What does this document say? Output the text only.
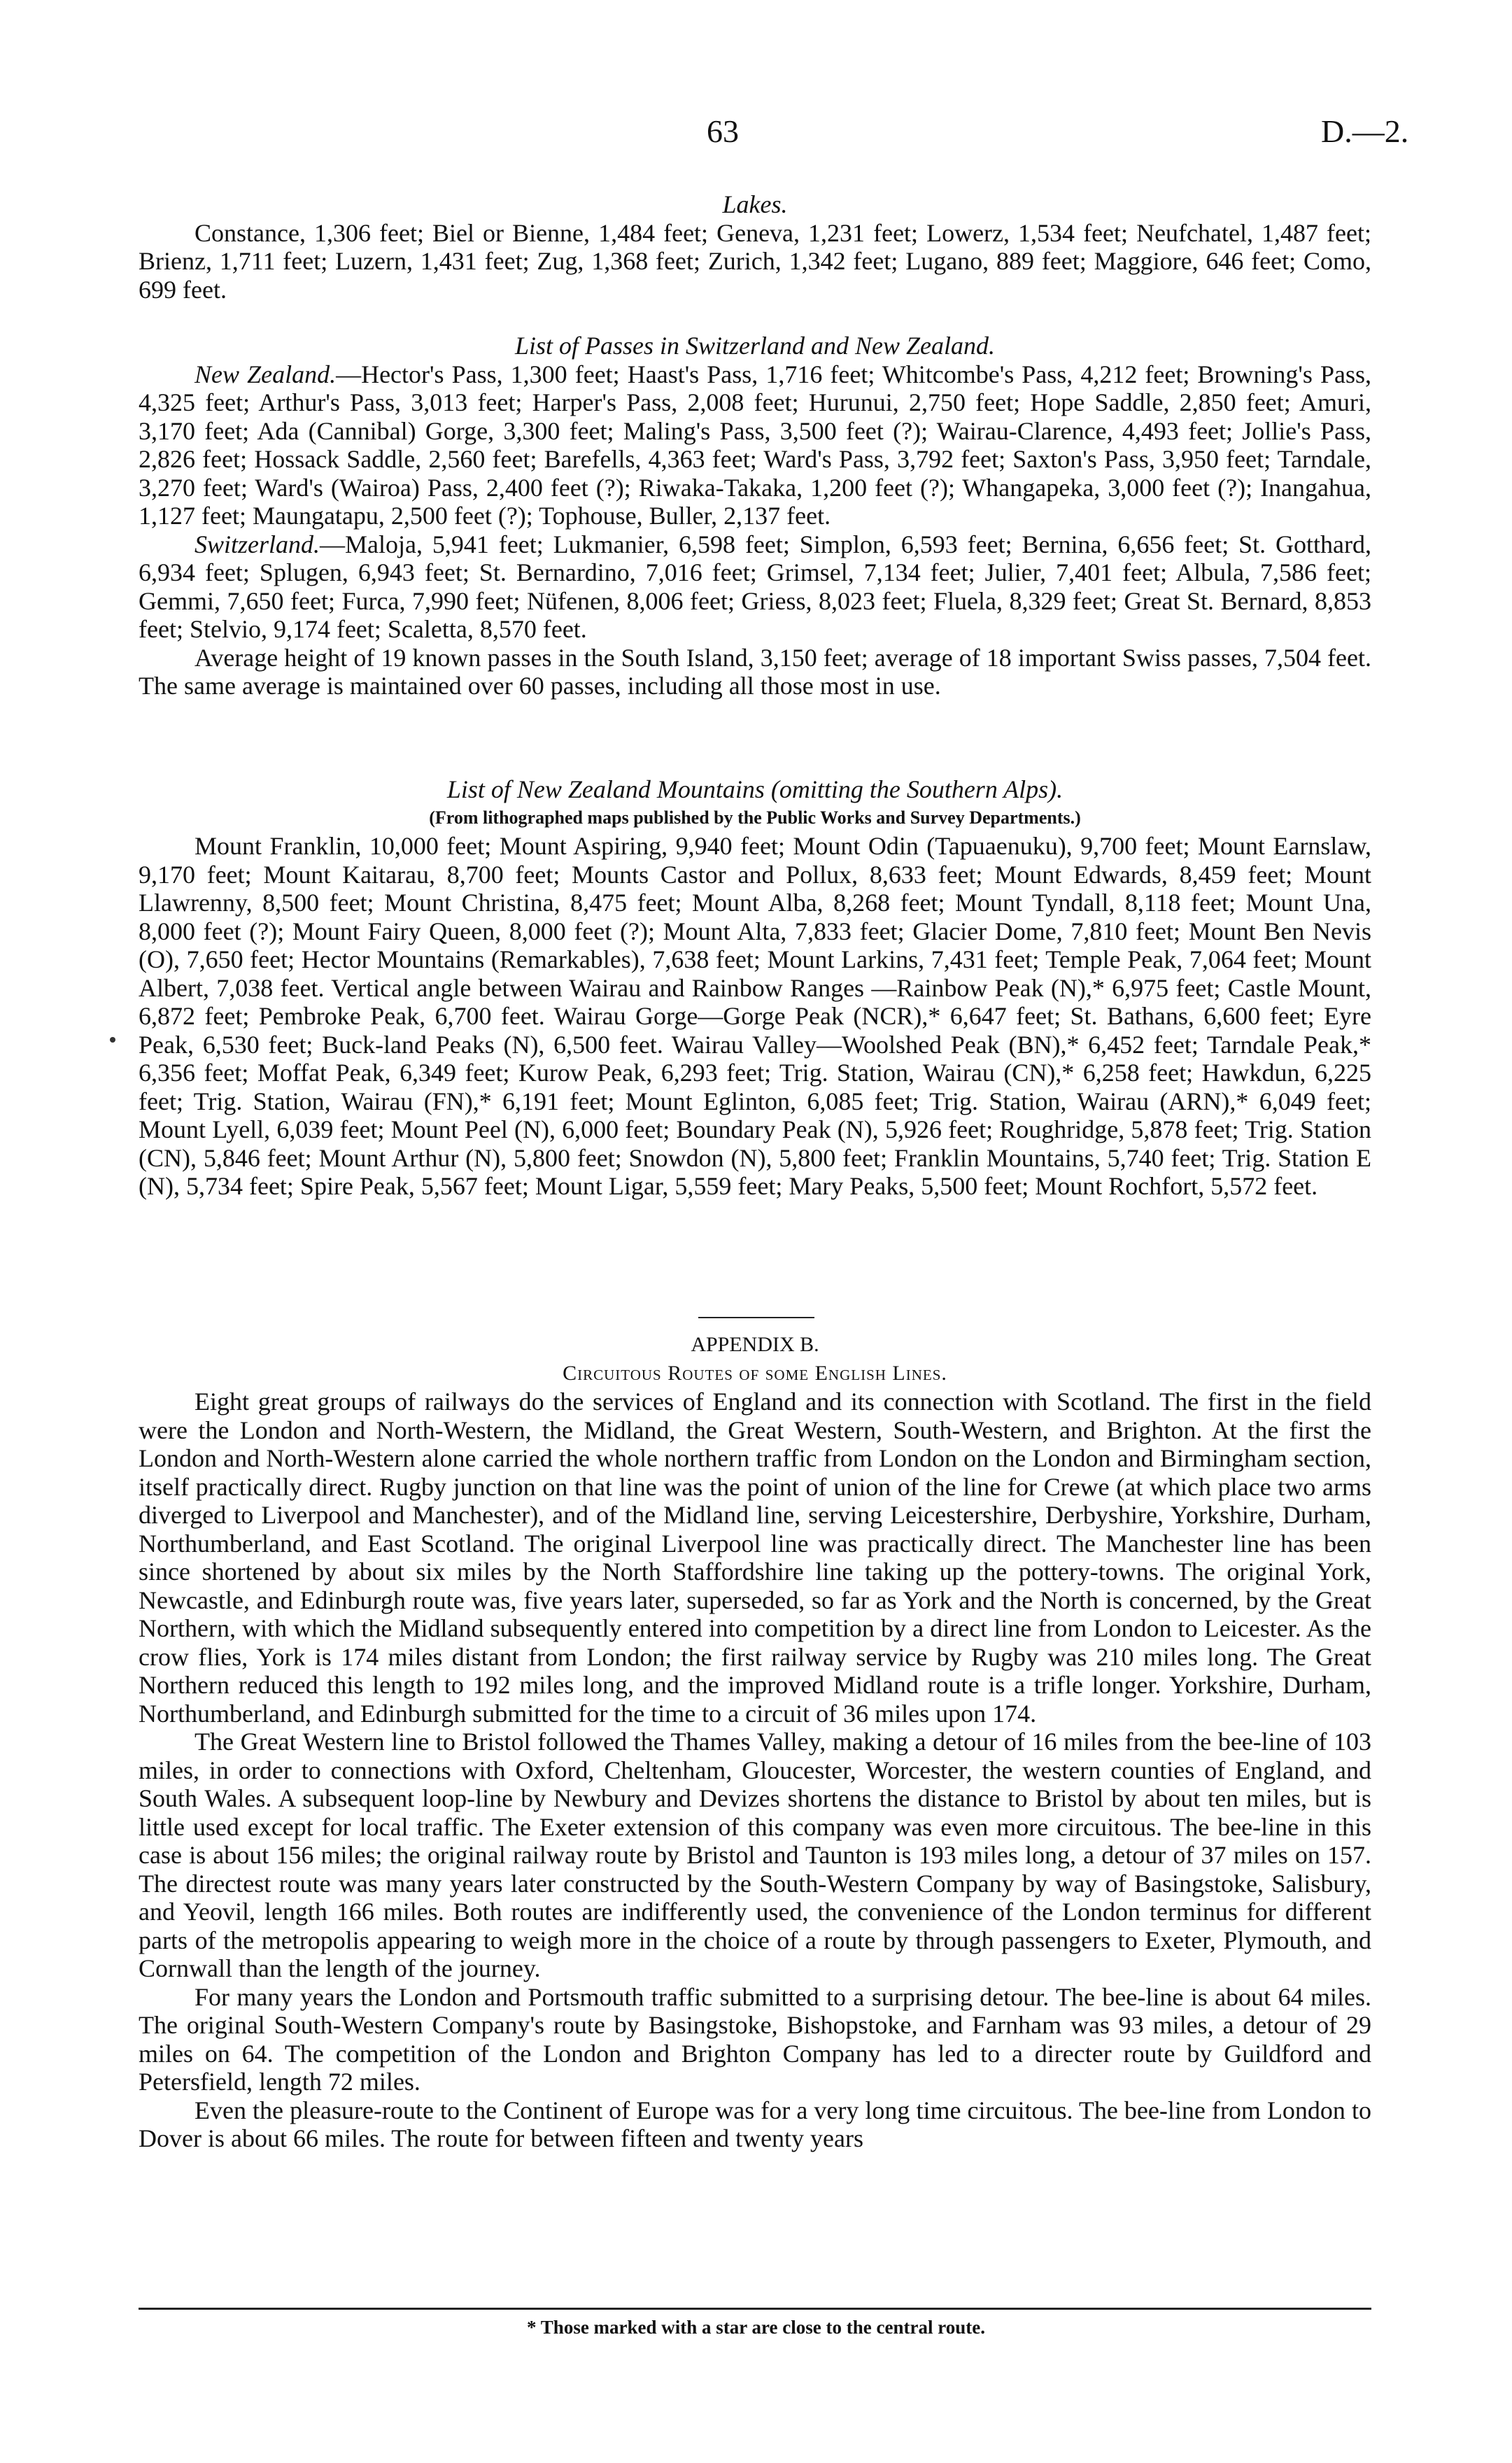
63	D.—2.
Lakes.

Constance, 1,306 feet; Biel or Bienne, 1,484 feet; Geneva, 1,231 feet; Lowerz, 1,534 feet; Neufchatel, 1,487 feet; Brienz, 1,711 feet; Luzern, 1,431 feet; Zug, 1,368 feet; Zurich, 1,342 feet; Lugano, 889 feet; Maggiore, 646 feet; Como, 699 feet.

List of Passes in Switzerland and New Zealand.

New Zealand.—Hector's Pass, 1,300 feet; Haast's Pass, 1,716 feet; Whitcombe's Pass, 4,212 feet; Browning's Pass, 4,325 feet; Arthur's Pass, 3,013 feet; Harper's Pass, 2,008 feet; Hurunui, 2,750 feet; Hope Saddle, 2,850 feet; Amuri, 3,170 feet; Ada (Cannibal) Gorge, 3,300 feet; Maling's Pass, 3,500 feet (?); Wairau-Clarence, 4,493 feet; Jollie's Pass, 2,826 feet; Hossack Saddle, 2,560 feet; Barefells, 4,363 feet; Ward's Pass, 3,792 feet; Saxton's Pass, 3,950 feet; Tarndale, 3,270 feet; Ward's (Wairoa) Pass, 2,400 feet (?); Riwaka-Takaka, 1,200 feet (?); Whangapeka, 3,000 feet (?); Inangahua, 1,127 feet; Maungatapu, 2,500 feet (?); Tophouse, Buller, 2,137 feet.

Switzerland.—Maloja, 5,941 feet; Lukmanier, 6,598 feet; Simplon, 6,593 feet; Bernina, 6,656 feet; St. Gotthard, 6,934 feet; Splugen, 6,943 feet; St. Bernardino, 7,016 feet; Grimsel, 7,134 feet; Julier, 7,401 feet; Albula, 7,586 feet; Gemmi, 7,650 feet; Furca, 7,990 feet; Nüfenen, 8,006 feet; Griess, 8,023 feet; Fluela, 8,329 feet; Great St. Bernard, 8,853 feet; Stelvio, 9,174 feet; Scaletta, 8,570 feet.

Average height of 19 known passes in the South Island, 3,150 feet; average of 18 important Swiss passes, 7,504 feet. The same average is maintained over 60 passes, including all those most in use.

List of New Zealand Mountains (omitting the Southern Alps).
(From lithographed maps published by the Public Works and Survey Departments.)

Mount Franklin, 10,000 feet; Mount Aspiring, 9,940 feet; Mount Odin (Tapuaenuku), 9,700 feet; Mount Earnslaw, 9,170 feet; Mount Kaitarau, 8,700 feet; Mounts Castor and Pollux, 8,633 feet; Mount Edwards, 8,459 feet; Mount Llawrenny, 8,500 feet; Mount Christina, 8,475 feet; Mount Alba, 8,268 feet; Mount Tyndall, 8,118 feet; Mount Una, 8,000 feet (?); Mount Fairy Queen, 8,000 feet (?); Mount Alta, 7,833 feet; Glacier Dome, 7,810 feet; Mount Ben Nevis (O), 7,650 feet; Hector Mountains (Remarkables), 7,638 feet; Mount Larkins, 7,431 feet; Temple Peak, 7,064 feet; Mount Albert, 7,038 feet. Vertical angle between Wairau and Rainbow Ranges —Rainbow Peak (N),* 6,975 feet; Castle Mount, 6,872 feet; Pembroke Peak, 6,700 feet. Wairau Gorge—Gorge Peak (NCR),* 6,647 feet; St. Bathans, 6,600 feet; Eyre Peak, 6,530 feet; Buck-land Peaks (N), 6,500 feet. Wairau Valley—Woolshed Peak (BN),* 6,452 feet; Tarndale Peak,* 6,356 feet; Moffat Peak, 6,349 feet; Kurow Peak, 6,293 feet; Trig. Station, Wairau (CN),* 6,258 feet; Hawkdun, 6,225 feet; Trig. Station, Wairau (FN),* 6,191 feet; Mount Eglinton, 6,085 feet; Trig. Station, Wairau (ARN),* 6,049 feet; Mount Lyell, 6,039 feet; Mount Peel (N), 6,000 feet; Boundary Peak (N), 5,926 feet; Roughridge, 5,878 feet; Trig. Station (CN), 5,846 feet; Mount Arthur (N), 5,800 feet; Snowdon (N), 5,800 feet; Franklin Mountains, 5,740 feet; Trig. Station E (N), 5,734 feet; Spire Peak, 5,567 feet; Mount Ligar, 5,559 feet; Mary Peaks, 5,500 feet; Mount Rochfort, 5,572 feet.

APPENDIX B.
Circuitous Routes of some English Lines.

Eight great groups of railways do the services of England and its connection with Scotland. The first in the field were the London and North-Western, the Midland, the Great Western, South-Western, and Brighton. At the first the London and North-Western alone carried the whole northern traffic from London on the London and Birmingham section, itself practically direct. Rugby junction on that line was the point of union of the line for Crewe (at which place two arms diverged to Liverpool and Manchester), and of the Midland line, serving Leicestershire, Derbyshire, Yorkshire, Durham, Northumberland, and East Scotland. The original Liverpool line was practically direct. The Manchester line has been since shortened by about six miles by the North Staffordshire line taking up the pottery-towns. The original York, Newcastle, and Edinburgh route was, five years later, superseded, so far as York and the North is concerned, by the Great Northern, with which the Midland subsequently entered into competition by a direct line from London to Leicester. As the crow flies, York is 174 miles distant from London; the first railway service by Rugby was 210 miles long. The Great Northern reduced this length to 192 miles long, and the improved Midland route is a trifle longer. Yorkshire, Durham, Northumberland, and Edinburgh submitted for the time to a circuit of 36 miles upon 174.

The Great Western line to Bristol followed the Thames Valley, making a detour of 16 miles from the bee-line of 103 miles, in order to connections with Oxford, Cheltenham, Gloucester, Worcester, the western counties of England, and South Wales. A subsequent loop-line by Newbury and Devizes shortens the distance to Bristol by about ten miles, but is little used except for local traffic. The Exeter extension of this company was even more circuitous. The bee-line in this case is about 156 miles; the original railway route by Bristol and Taunton is 193 miles long, a detour of 37 miles on 157. The directest route was many years later constructed by the South-Western Company by way of Basingstoke, Salisbury, and Yeovil, length 166 miles. Both routes are indifferently used, the convenience of the London terminus for different parts of the metropolis appearing to weigh more in the choice of a route by through passengers to Exeter, Plymouth, and Cornwall than the length of the journey.

For many years the London and Portsmouth traffic submitted to a surprising detour. The bee-line is about 64 miles. The original South-Western Company's route by Basingstoke, Bishopstoke, and Farnham was 93 miles, a detour of 29 miles on 64. The competition of the London and Brighton Company has led to a directer route by Guildford and Petersfield, length 72 miles.

Even the pleasure-route to the Continent of Europe was for a very long time circuitous. The bee-line from London to Dover is about 66 miles. The route for between fifteen and twenty years

* Those marked with a star are close to the central route.
